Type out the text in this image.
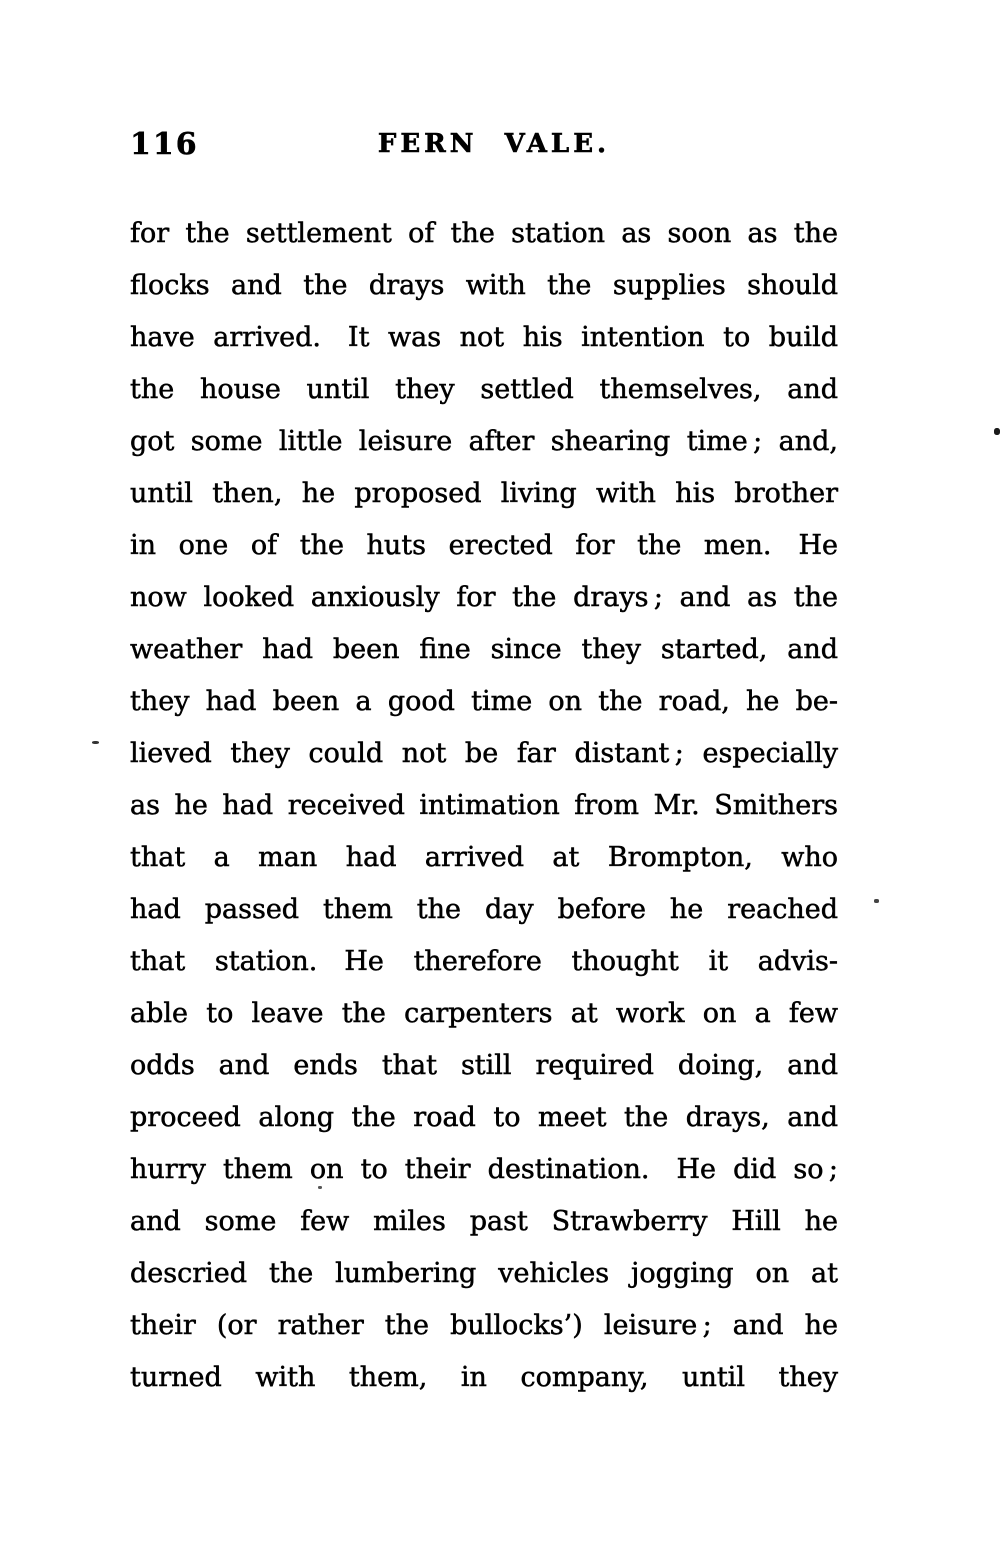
116	FERN VALE.
for the settlement of the station as soon as the
flocks and the drays with the supplies should
have arrived. It was not his intention to build
the house until they settled themselves, and
got some little leisure after shearing time ; and,
until then, he proposed living with his brother
in one of the huts erected for the men. He
now looked anxiously for the drays ; and as the
weather had been fine since they started, and
they had been a good time on the road, he be-
lieved they could not be far distant ; especially
as he had received intimation from Mr. Smithers
that a man had arrived at Brompton, who
had passed them the day before he reached
that station. He therefore thought it advis-
able to leave the carpenters at work on a few
odds and ends that still required doing, and
proceed along the road to meet the drays, and
hurry them on to their destination. He did so ;
and some few miles past Strawberry Hill he
descried the lumbering vehicles jogging on at
their (or rather the bullocks’) leisure ; and he
turned with them, in company, until they
